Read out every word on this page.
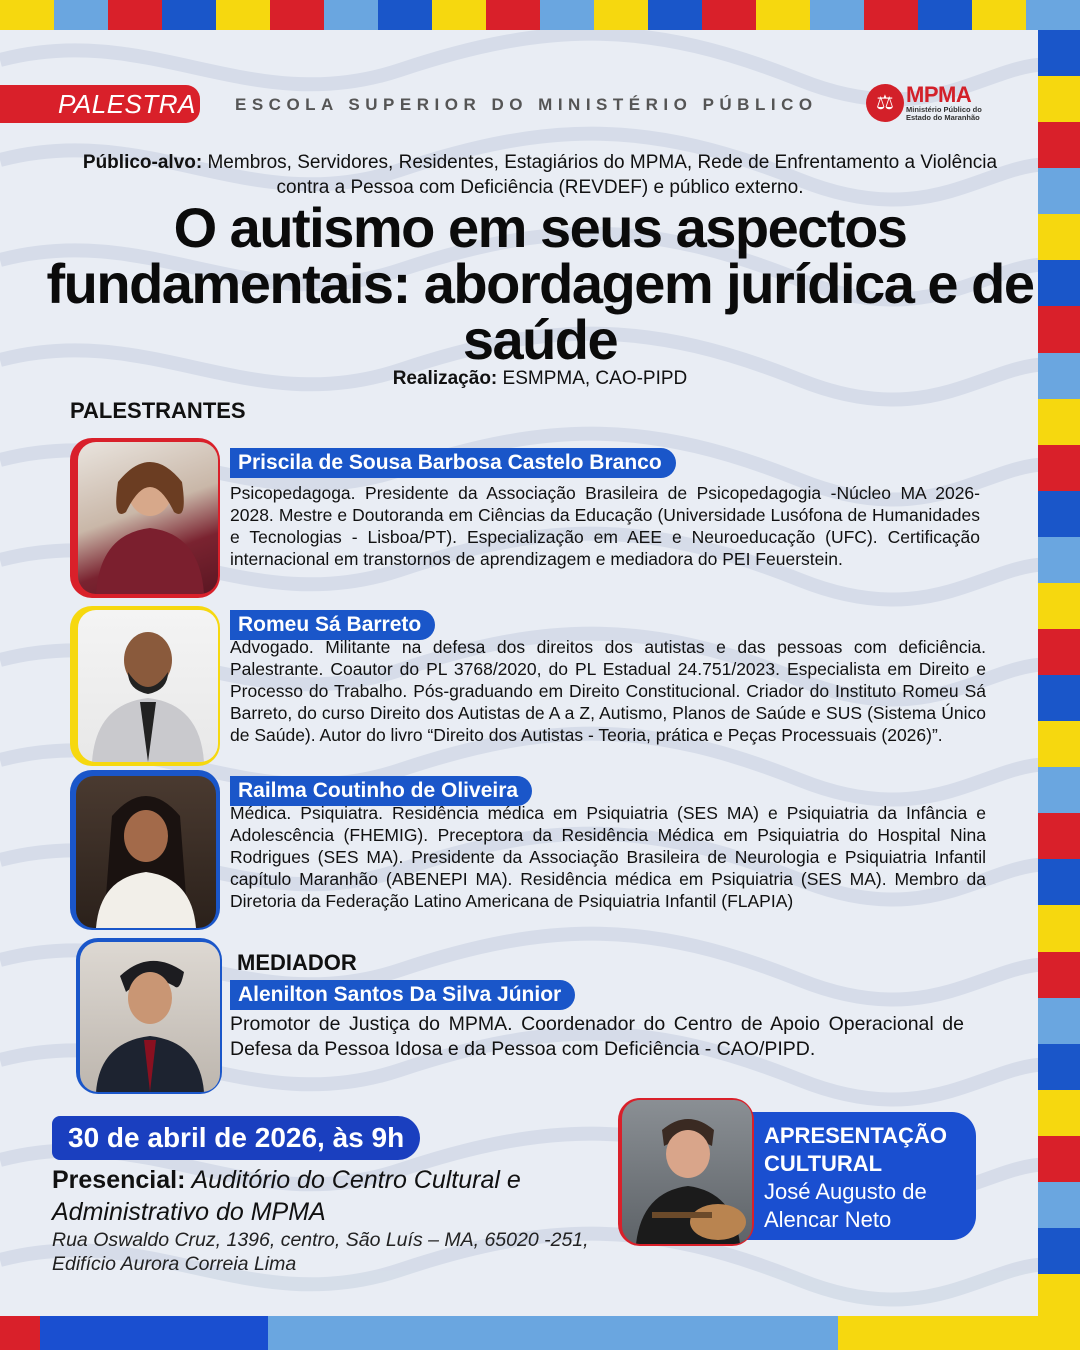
PALESTRA ESCOLA SUPERIOR DO MINISTÉRIO PÚBLICO	⚖ MPMA
Ministério Público do Estado do Maranhão
Público-alvo: Membros, Servidores, Residentes, Estagiários do MPMA, Rede de Enfrentamento a Violência contra a Pessoa com Deficiência (REVDEF) e público externo.
O autismo em seus aspectos fundamentais: abordagem jurídica e de saúde
Realização: ESMPMA, CAO-PIPD
PALESTRANTES
Priscila de Sousa Barbosa Castelo Branco
Psicopedagoga. Presidente da Associação Brasileira de Psicopedagogia -Núcleo MA 2026-2028. Mestre e Doutoranda em Ciências da Educação (Universidade Lusófona de Humanidades e Tecnologias - Lisboa/PT). Especialização em AEE e Neuroeducação (UFC). Certificação internacional em transtornos de aprendizagem e mediadora do PEI Feuerstein.
Romeu Sá Barreto
Advogado. Militante na defesa dos direitos dos autistas e das pessoas com deficiência. Palestrante. Coautor do PL 3768/2020, do PL Estadual 24.751/2023. Especialista em Direito e Processo do Trabalho. Pós-graduando em Direito Constitucional. Criador do Instituto Romeu Sá Barreto, do curso Direito dos Autistas de A a Z, Autismo, Planos de Saúde e SUS (Sistema Único de Saúde). Autor do livro “Direito dos Autistas - Teoria, prática e Peças Processuais (2026)”.
Railma Coutinho de Oliveira
Médica. Psiquiatra. Residência médica em Psiquiatria (SES MA) e Psiquiatria da Infância e Adolescência (FHEMIG). Preceptora da Residência Médica em Psiquiatria do Hospital Nina Rodrigues (SES MA). Presidente da Associação Brasileira de Neurologia e Psiquiatria Infantil capítulo Maranhão (ABENEPI MA). Residência médica em Psiquiatria (SES MA). Membro da Diretoria da Federação Latino Americana de Psiquiatria Infantil (FLAPIA)
MEDIADOR
Alenilton Santos Da Silva Júnior
Promotor de Justiça do MPMA. Coordenador do Centro de Apoio Operacional de Defesa da Pessoa Idosa e da Pessoa com Deficiência - CAO/PIPD.
30 de abril de 2026, às 9h
Presencial: Auditório do Centro Cultural e Administrativo do MPMA
Rua Oswaldo Cruz, 1396, centro, São Luís – MA, 65020 -251, Edifício Aurora Correia Lima
APRESENTAÇÃO CULTURAL
José Augusto de Alencar Neto
